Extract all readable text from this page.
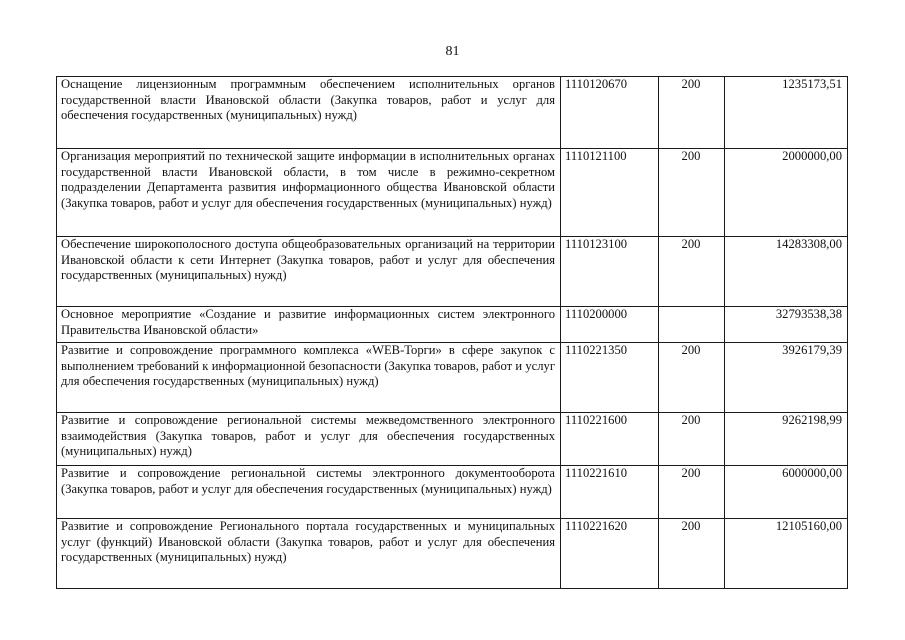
81
Оснащение лицензионным программным обеспечением исполнительных органов государственной власти Ивановской области (Закупка товаров, работ и услуг для обеспечения государственных (муниципальных) нужд)	1110120670	200	1235173,51
Организация мероприятий по технической защите информации в исполнительных органах государственной власти Ивановской области, в том числе в режимно-секретном подразделении Департамента развития информационного общества Ивановской области (Закупка товаров, работ и услуг для обеспечения государственных (муниципальных) нужд)	1110121100	200	2000000,00
Обеспечение широкополосного доступа общеобразовательных организаций на территории Ивановской области к сети Интернет (Закупка товаров, работ и услуг для обеспечения государственных (муниципальных) нужд)	1110123100	200	14283308,00
Основное мероприятие «Создание и развитие информационных систем электронного Правительства Ивановской области»	1110200000		32793538,38
Развитие и сопровождение программного комплекса «WEB-Торги» в сфере закупок с выполнением требований к информационной безопасности (Закупка товаров, работ и услуг для обеспечения государственных (муниципальных) нужд)	1110221350	200	3926179,39
Развитие и сопровождение региональной системы межведомственного электронного взаимодействия (Закупка товаров, работ и услуг для обеспечения государственных (муниципальных) нужд)	1110221600	200	9262198,99
Развитие и сопровождение региональной системы электронного документооборота (Закупка товаров, работ и услуг для обеспечения государственных (муниципальных) нужд)	1110221610	200	6000000,00
Развитие и сопровождение Регионального портала государственных и муниципальных услуг (функций) Ивановской области (Закупка товаров, работ и услуг для обеспечения государственных (муниципальных) нужд)	1110221620	200	12105160,00
